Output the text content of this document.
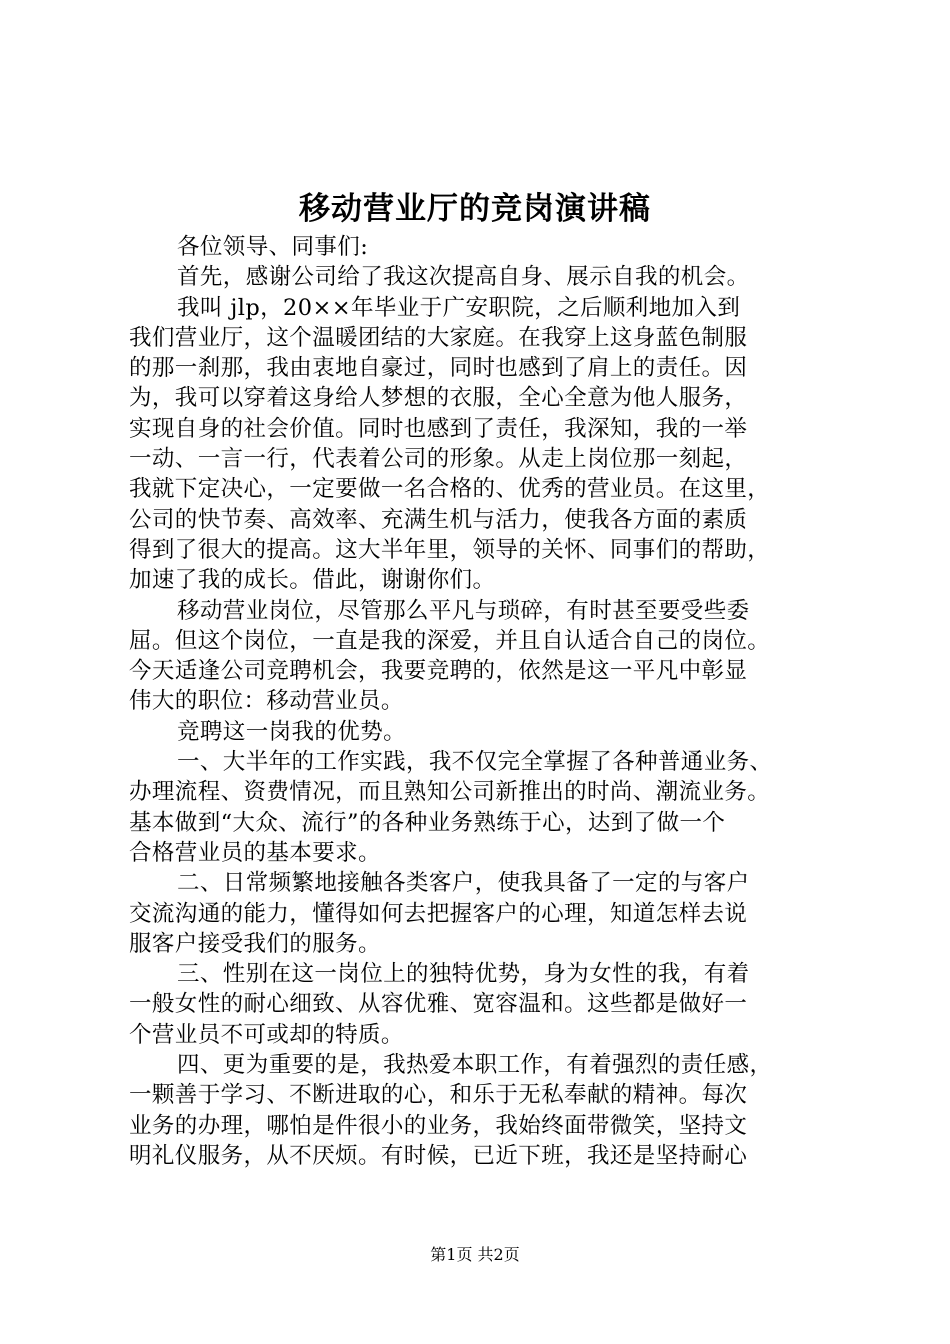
移动营业厅的竞岗演讲稿
各位领导、同事们:
首先，感谢公司给了我这次提高自身、展示自我的机会。
我叫 jlp，20××年毕业于广安职院，之后顺利地加入到
我们营业厅，这个温暖团结的大家庭。在我穿上这身蓝色制服
的那一刹那，我由衷地自豪过，同时也感到了肩上的责任。因
为，我可以穿着这身给人梦想的衣服，全心全意为他人服务，
实现自身的社会价值。同时也感到了责任，我深知，我的一举
一动、一言一行，代表着公司的形象。从走上岗位那一刻起，
我就下定决心，一定要做一名合格的、优秀的营业员。在这里，
公司的快节奏、高效率、充满生机与活力，使我各方面的素质
得到了很大的提高。这大半年里，领导的关怀、同事们的帮助，
加速了我的成长。借此，谢谢你们。
移动营业岗位，尽管那么平凡与琐碎，有时甚至要受些委
屈。但这个岗位，一直是我的深爱，并且自认适合自己的岗位。
今天适逢公司竞聘机会，我要竞聘的，依然是这一平凡中彰显
伟大的职位：移动营业员。
竞聘这一岗我的优势。
一、大半年的工作实践，我不仅完全掌握了各种普通业务、
办理流程、资费情况，而且熟知公司新推出的时尚、潮流业务。
基本做到“大众、流行”的各种业务熟练于心，达到了做一个
合格营业员的基本要求。
二、日常频繁地接触各类客户，使我具备了一定的与客户
交流沟通的能力，懂得如何去把握客户的心理，知道怎样去说
服客户接受我们的服务。
三、性别在这一岗位上的独特优势，身为女性的我，有着
一般女性的耐心细致、从容优雅、宽容温和。这些都是做好一
个营业员不可或却的特质。
四、更为重要的是，我热爱本职工作，有着强烈的责任感，
一颗善于学习、不断进取的心，和乐于无私奉献的精神。每次
业务的办理，哪怕是件很小的业务，我始终面带微笑，坚持文
明礼仪服务，从不厌烦。有时候，已近下班，我还是坚持耐心
第1页 共2页
